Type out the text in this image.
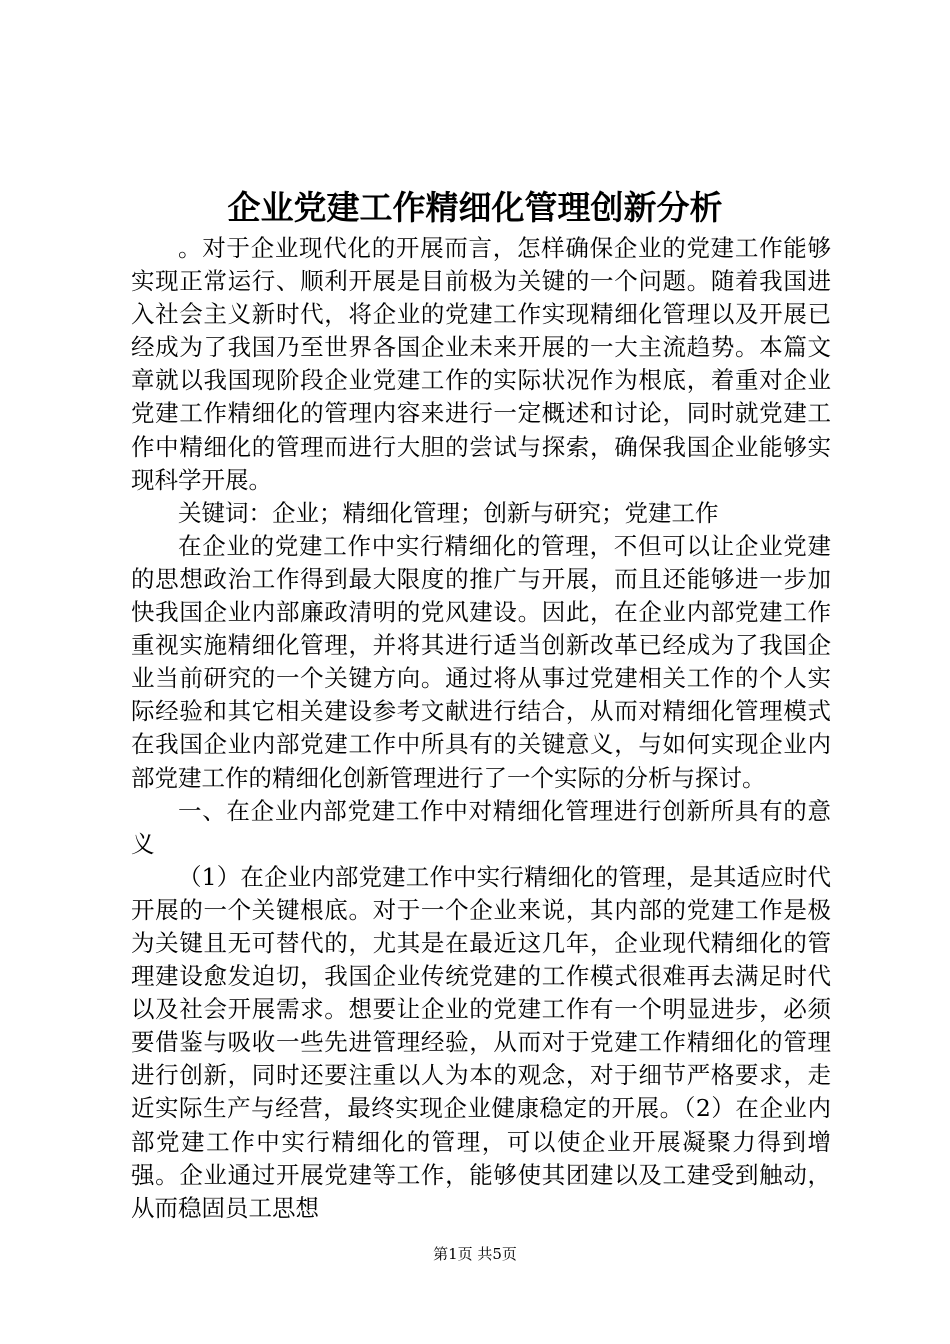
企业党建工作精细化管理创新分析

。对于企业现代化的开展而言，怎样确保企业的党建工作能够实现正常运行、顺利开展是目前极为关键的一个问题。随着我国进入社会主义新时代，将企业的党建工作实现精细化管理以及开展已经成为了我国乃至世界各国企业未来开展的一大主流趋势。本篇文章就以我国现阶段企业党建工作的实际状况作为根底，着重对企业党建工作精细化的管理内容来进行一定概述和讨论，同时就党建工作中精细化的管理而进行大胆的尝试与探索，确保我国企业能够实现科学开展。

关键词：企业；精细化管理；创新与研究；党建工作

在企业的党建工作中实行精细化的管理，不但可以让企业党建的思想政治工作得到最大限度的推广与开展，而且还能够进一步加快我国企业内部廉政清明的党风建设。因此，在企业内部党建工作重视实施精细化管理，并将其进行适当创新改革已经成为了我国企业当前研究的一个关键方向。通过将从事过党建相关工作的个人实际经验和其它相关建设参考文献进行结合，从而对精细化管理模式在我国企业内部党建工作中所具有的关键意义，与如何实现企业内部党建工作的精细化创新管理进行了一个实际的分析与探讨。

一、在企业内部党建工作中对精细化管理进行创新所具有的意义

（1）在企业内部党建工作中实行精细化的管理，是其适应时代开展的一个关键根底。对于一个企业来说，其内部的党建工作是极为关键且无可替代的，尤其是在最近这几年，企业现代精细化的管理建设愈发迫切，我国企业传统党建的工作模式很难再去满足时代以及社会开展需求。想要让企业的党建工作有一个明显进步，必须要借鉴与吸收一些先进管理经验，从而对于党建工作精细化的管理进行创新，同时还要注重以人为本的观念，对于细节严格要求，走近实际生产与经营，最终实现企业健康稳定的开展。（2）在企业内部党建工作中实行精细化的管理，可以使企业开展凝聚力得到增强。企业通过开展党建等工作，能够使其团建以及工建受到触动，从而稳固员工思想

第1页 共5页
